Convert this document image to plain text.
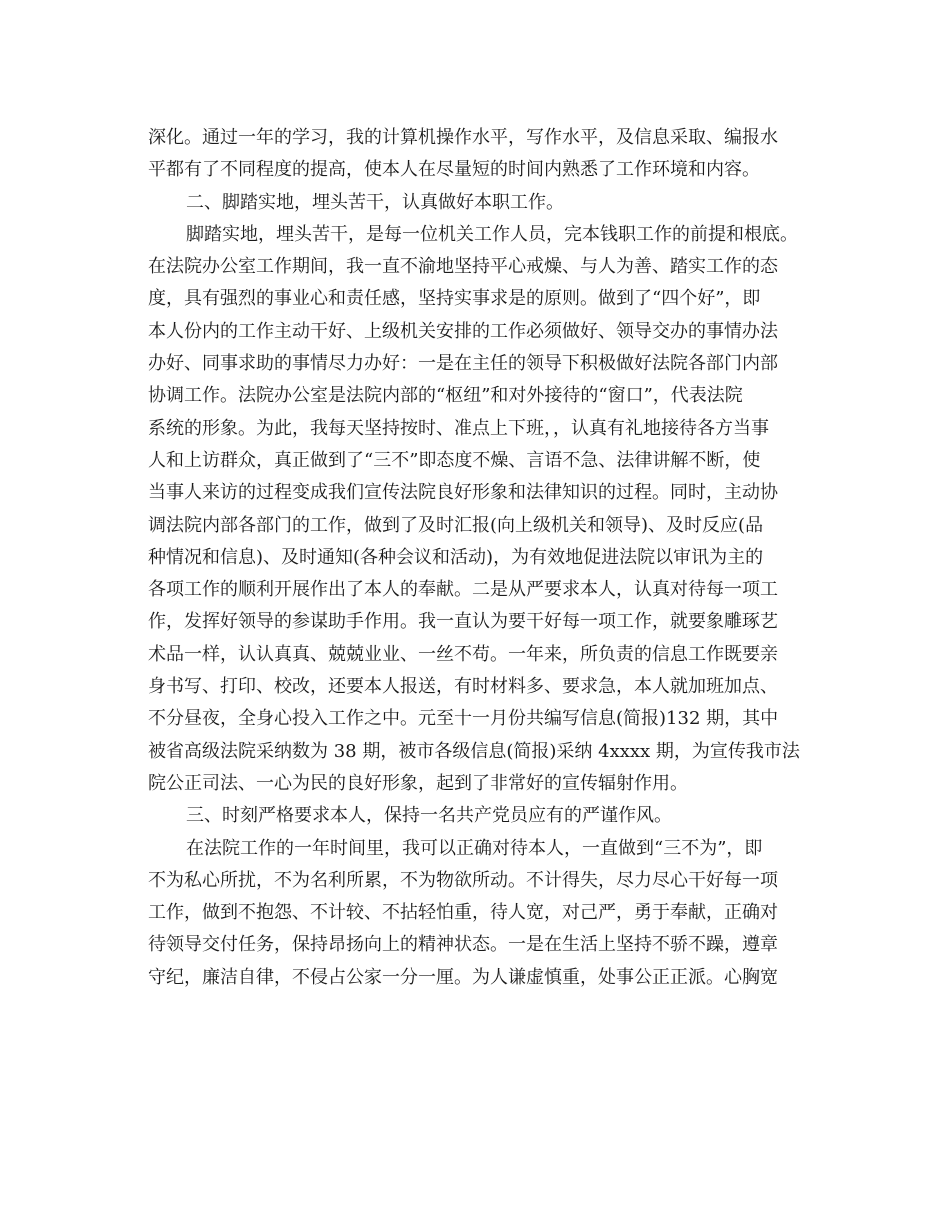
深化。通过一年的学习，我的计算机操作水平，写作水平，及信息采取、编报水
平都有了不同程度的提高，使本人在尽量短的时间内熟悉了工作环境和内容。
二、脚踏实地，埋头苦干，认真做好本职工作。
脚踏实地，埋头苦干，是每一位机关工作人员，完本钱职工作的前提和根底。
在法院办公室工作期间，我一直不渝地坚持平心戒燥、与人为善、踏实工作的态
度，具有强烈的事业心和责任感，坚持实事求是的原则。做到了“四个好”，即
本人份内的工作主动干好、上级机关安排的工作必须做好、领导交办的事情办法
办好、同事求助的事情尽力办好：一是在主任的领导下积极做好法院各部门内部
协调工作。法院办公室是法院内部的“枢纽”和对外接待的“窗口”，代表法院
系统的形象。为此，我每天坚持按时、准点上下班，，认真有礼地接待各方当事
人和上访群众，真正做到了“三不”即态度不燥、言语不急、法律讲解不断，使
当事人来访的过程变成我们宣传法院良好形象和法律知识的过程。同时，主动协
调法院内部各部门的工作，做到了及时汇报(向上级机关和领导)、及时反应(品
种情况和信息)、及时通知(各种会议和活动)，为有效地促进法院以审讯为主的
各项工作的顺利开展作出了本人的奉献。二是从严要求本人，认真对待每一项工
作，发挥好领导的参谋助手作用。我一直认为要干好每一项工作，就要象雕琢艺
术品一样，认认真真、兢兢业业、一丝不苟。一年来，所负责的信息工作既要亲
身书写、打印、校改，还要本人报送，有时材料多、要求急，本人就加班加点、
不分昼夜，全身心投入工作之中。元至十一月份共编写信息(简报)132 期，其中
被省高级法院采纳数为 38 期，被市各级信息(简报)采纳 4xxxx 期，为宣传我市法
院公正司法、一心为民的良好形象，起到了非常好的宣传辐射作用。
三、时刻严格要求本人，保持一名共产党员应有的严谨作风。
在法院工作的一年时间里，我可以正确对待本人，一直做到“三不为”，即
不为私心所扰，不为名利所累，不为物欲所动。不计得失，尽力尽心干好每一项
工作，做到不抱怨、不计较、不拈轻怕重，待人宽，对己严，勇于奉献，正确对
待领导交付任务，保持昂扬向上的精神状态。一是在生活上坚持不骄不躁，遵章
守纪，廉洁自律，不侵占公家一分一厘。为人谦虚慎重，处事公正正派。心胸宽
